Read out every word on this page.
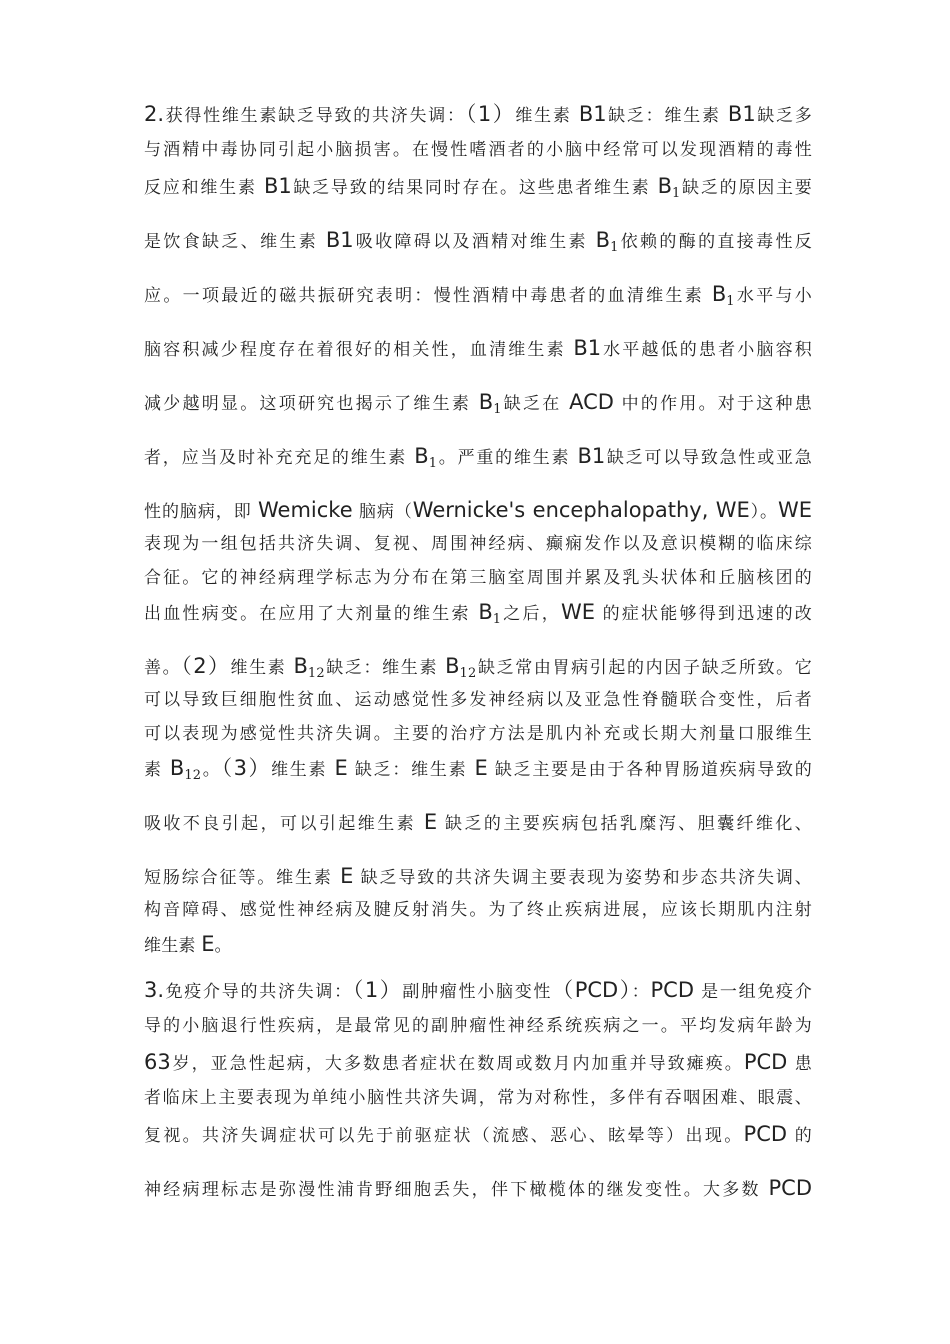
2.获得性维生素缺乏导致的共济失调：（1）维生素 B1缺乏：维生素 B1缺乏多
与酒精中毒协同引起小脑损害。在慢性嗜酒者的小脑中经常可以发现酒精的毒性
反应和维生素 B1缺乏导致的结果同时存在。这些患者维生素 $B_1$缺乏的原因主要
是饮食缺乏、维生素 B1吸收障碍以及酒精对维生素 $B_1$依赖的酶的直接毒性反
应。一项最近的磁共振研究表明：慢性酒精中毒患者的血清维生素 $B_1$水平与小
脑容积减少程度存在着很好的相关性，血清维生素 B1水平越低的患者小脑容积
减少越明显。这项研究也揭示了维生素 $B_1$缺乏在 ACD 中的作用。对于这种患
者，应当及时补充充足的维生素 $B_1$。严重的维生素 B1缺乏可以导致急性或亚急
性的脑病，即 Wemicke 脑病（Wernicke's encephalopathy, WE）。WE
表现为一组包括共济失调、复视、周围神经病、癫痫发作以及意识模糊的临床综
合征。它的神经病理学标志为分布在第三脑室周围并累及乳头状体和丘脑核团的
出血性病变。在应用了大剂量的维生索 $B_1$之后，WE 的症状能够得到迅速的改
善。（2）维生素 $B_{12}$缺乏：维生素 $B_{12}$缺乏常由胃病引起的内因子缺乏所致。它
可以导致巨细胞性贫血、运动感觉性多发神经病以及亚急性脊髓联合变性，后者
可以表现为感觉性共济失调。主要的治疗方法是肌内补充或长期大剂量口服维生
素 $B_{12}$。（3）维生素 E 缺乏：维生素 E 缺乏主要是由于各种胃肠道疾病导致的
吸收不良引起，可以引起维生素 E 缺乏的主要疾病包括乳糜泻、胆囊纤维化、
短肠综合征等。维生素 E 缺乏导致的共济失调主要表现为姿势和步态共济失调、
构音障碍、感觉性神经病及腱反射消失。为了终止疾病进展，应该长期肌内注射
维生素 E。
3.免疫介导的共济失调：（1）副肿瘤性小脑变性（PCD）：PCD 是一组免疫介
导的小脑退行性疾病，是最常见的副肿瘤性神经系统疾病之一。平均发病年龄为
63岁，亚急性起病，大多数患者症状在数周或数月内加重并导致瘫痪。PCD 患
者临床上主要表现为单纯小脑性共济失调，常为对称性，多伴有吞咽困难、眼震、
复视。共济失调症状可以先于前驱症状（流感、恶心、眩晕等）出现。PCD 的
神经病理标志是弥漫性浦肯野细胞丢失，伴下橄榄体的继发变性。大多数 PCD
